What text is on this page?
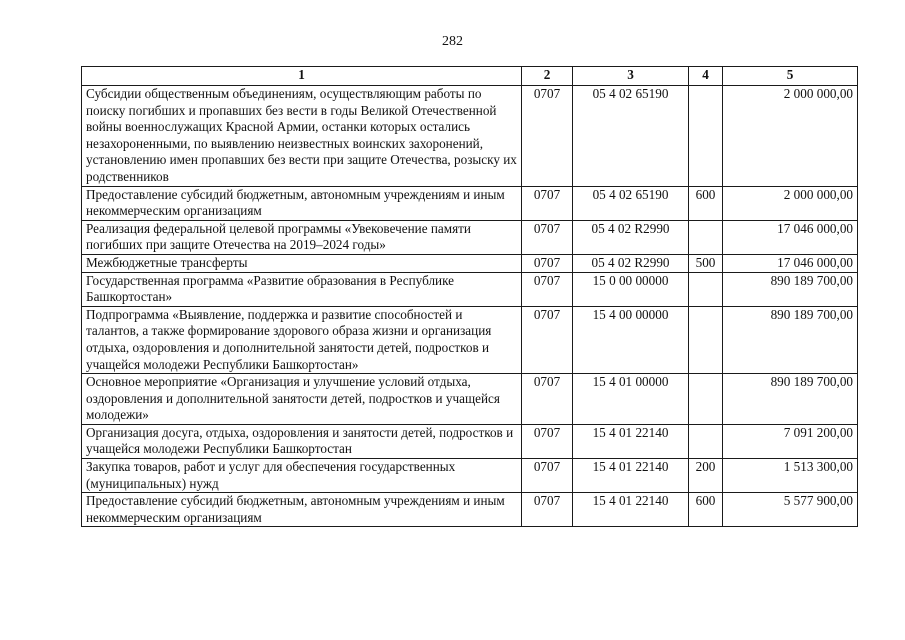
282
1	2	3	4	5
Субсидии общественным объединениям, осуществляющим работы по поиску погибших и пропавших без вести в годы Великой Отечественной войны военнослужащих Красной Армии, останки которых остались незахороненными, по выявлению неизвестных воинских захоронений, установлению имен пропавших без вести при защите Отечества, розыску их родственников	0707	05 4 02 65190		2 000 000,00
Предоставление субсидий бюджетным, автономным учреждениям и иным некоммерческим организациям	0707	05 4 02 65190	600	2 000 000,00
Реализация федеральной целевой программы «Увековечение памяти погибших при защите Отечества на 2019–2024 годы»	0707	05 4 02 R2990		17 046 000,00
Межбюджетные трансферты	0707	05 4 02 R2990	500	17 046 000,00
Государственная программа «Развитие образования в Республике Башкортостан»	0707	15 0 00 00000		890 189 700,00
Подпрограмма «Выявление, поддержка и развитие способностей и талантов, а также формирование здорового образа жизни и организация отдыха, оздоровления и дополнительной занятости детей, подростков и учащейся молодежи Республики Башкортостан»	0707	15 4 00 00000		890 189 700,00
Основное мероприятие «Организация и улучшение условий отдыха, оздоровления и дополнительной занятости детей, подростков и учащейся молодежи»	0707	15 4 01 00000		890 189 700,00
Организация досуга, отдыха, оздоровления и занятости детей, подростков и учащейся молодежи Республики Башкортостан	0707	15 4 01 22140		7 091 200,00
Закупка товаров, работ и услуг для обеспечения государственных (муниципальных) нужд	0707	15 4 01 22140	200	1 513 300,00
Предоставление субсидий бюджетным, автономным учреждениям и иным некоммерческим организациям	0707	15 4 01 22140	600	5 577 900,00
